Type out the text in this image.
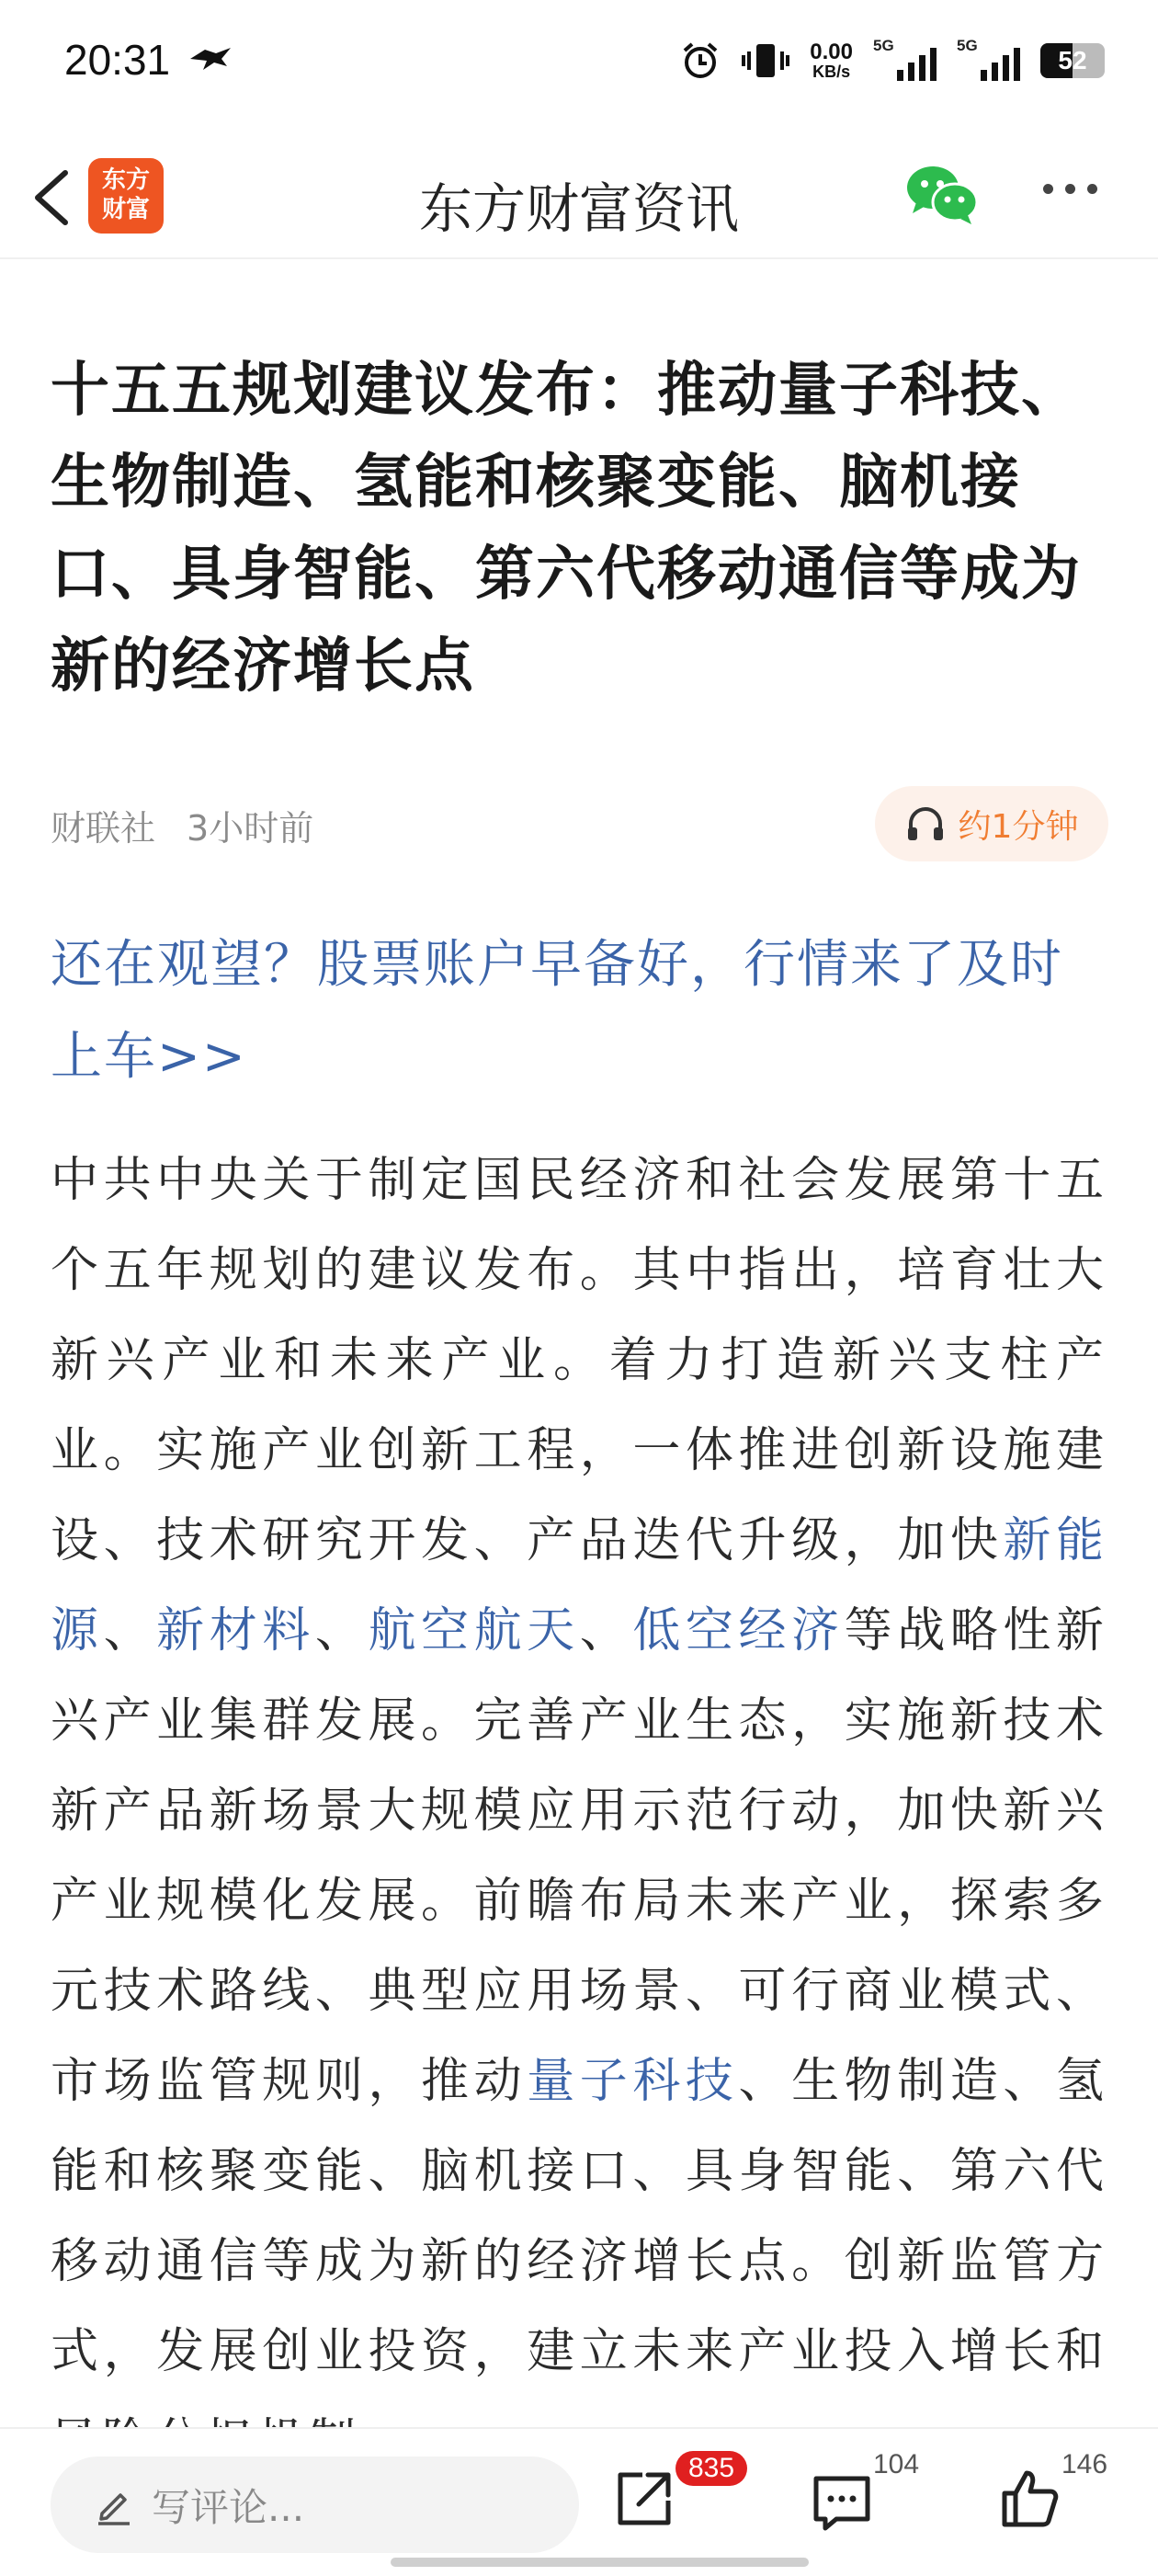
20:31	0.00
KB/s
5G	5G
52
东方
财富	东方财富资讯
十五五规划建议发布：推动量子科技、生物制造、氢能和核聚变能、脑机接口、具身智能、第六代移动通信等成为新的经济增长点
财联社 3小时前	约1分钟
还在观望？股票账户早备好，行情来了及时上车>>

中共中央关于制定国民经济和社会发展第十五个五年规划的建议发布。其中指出，培育壮大新兴产业和未来产业。着力打造新兴支柱产业。实施产业创新工程，一体推进创新设施建设、技术研究开发、产品迭代升级，加快新能源、新材料、航空航天、低空经济等战略性新兴产业集群发展。完善产业生态，实施新技术新产品新场景大规模应用示范行动，加快新兴产业规模化发展。前瞻布局未来产业，探索多元技术路线、典型应用场景、可行商业模式、市场监管规则，推动量子科技、生物制造、氢能和核聚变能、脑机接口、具身智能、第六代移动通信等成为新的经济增长点。创新监管方式，发展创业投资，建立未来产业投入增长和

写评论...
835	104	146
